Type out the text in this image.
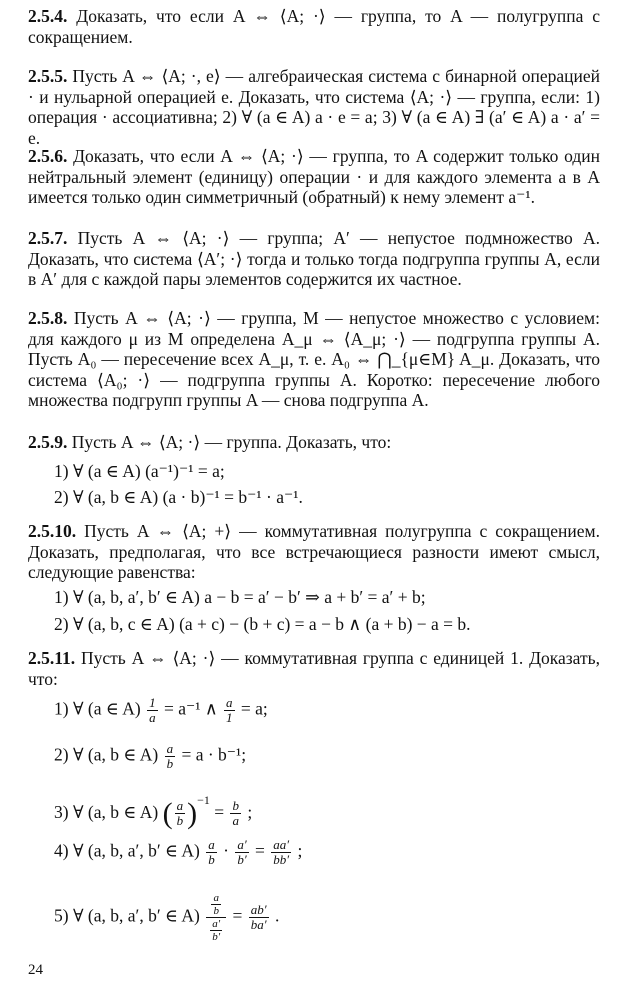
2.5.4. Доказать, что если A ⇔ ⟨A; ·⟩ — группа, то A — полугруппа с сокращением.
2.5.5. Пусть A ⇔ ⟨A; ·, e⟩ — алгебраическая система с бинарной операцией · и нульарной операцией e. Доказать, что система ⟨A; ·⟩ — группа, если: 1) операция · ассоциативна; 2) ∀ (a ∈ A) a · e = a; 3) ∀ (a ∈ A) ∃ (a′ ∈ A) a · a′ = e.
2.5.6. Доказать, что если A ⇔ ⟨A; ·⟩ — группа, то A содержит только один нейтральный элемент (единицу) операции · и для каждого элемента a в A имеется только один симметричный (обратный) к нему элемент a⁻¹.
2.5.7. Пусть A ⇔ ⟨A; ·⟩ — группа; A′ — непустое подмножество A. Доказать, что система ⟨A′; ·⟩ тогда и только тогда подгруппа группы A, если в A′ для с каждой пары элементов содержится их частное.
2.5.8. Пусть A ⇔ ⟨A; ·⟩ — группа, M — непустое множество с условием: для каждого μ из M определена A_μ ⇔ ⟨A_μ; ·⟩ — подгруппа группы A. Пусть A₀ — пересечение всех A_μ, т. е. A₀ ⇔ ⋂_{μ∈M} A_μ. Доказать, что система ⟨A₀; ·⟩ — подгруппа группы A. Коротко: пересечение любого множества подгрупп группы A — снова подгруппа A.
2.5.9. Пусть A ⇔ ⟨A; ·⟩ — группа. Доказать, что:
1) ∀ (a ∈ A) (a⁻¹)⁻¹ = a;
2) ∀ (a, b ∈ A) (a · b)⁻¹ = b⁻¹ · a⁻¹.
2.5.10. Пусть A ⇔ ⟨A; +⟩ — коммутативная полугруппа с сокращением. Доказать, предполагая, что все встречающиеся разности имеют смысл, следующие равенства:
1) ∀ (a, b, a′, b′ ∈ A) a − b = a′ − b′ ⇒ a + b′ = a′ + b;
2) ∀ (a, b, c ∈ A) (a + c) − (b + c) = a − b ∧ (a + b) − a = b.
2.5.11. Пусть A ⇔ ⟨A; ·⟩ — коммутативная группа с единицей 1. Доказать, что:
1) ∀ (a ∈ $A) \frac{1}{a} = a^{-1}$ ∧ $\frac{a}{1} = a$;
2) ∀ (a, b ∈ $A) \frac{a}{b} = a \cdot b^{-1}$;
3) ∀ (a, b ∈ A) ( $\frac{a}{b} )^{-1} = \frac{b}{a}$ ;
4) ∀ (a, b, a′, b′ ∈ $A) \frac{a}{b} \cdot \frac{a'}{b'} = \frac{aa'}{bb'}$ ;
5) ∀ (a, b, a′, b′ ∈ $A) \frac{\frac{a}{b}}{\frac{a'}{b'}} = \frac{ab'}{ba'}$ .
24
